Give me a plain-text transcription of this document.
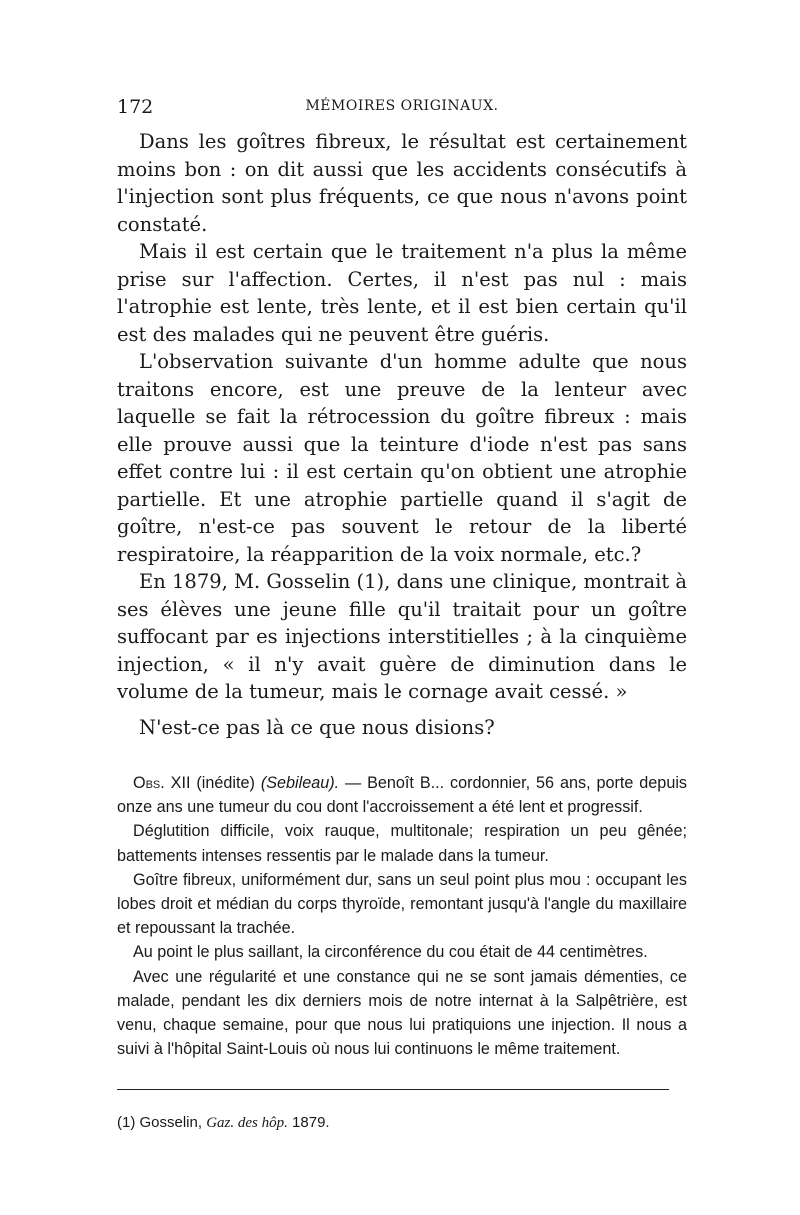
172	MÉMOIRES ORIGINAUX.

Dans les goîtres fibreux, le résultat est certainement moins bon : on dit aussi que les accidents consécutifs à l'injection sont plus fréquents, ce que nous n'avons point constaté.

Mais il est certain que le traitement n'a plus la même prise sur l'affection. Certes, il n'est pas nul : mais l'atrophie est lente, très lente, et il est bien certain qu'il est des malades qui ne peuvent être guéris.

L'observation suivante d'un homme adulte que nous traitons encore, est une preuve de la lenteur avec laquelle se fait la rétrocession du goître fibreux : mais elle prouve aussi que la teinture d'iode n'est pas sans effet contre lui : il est certain qu'on obtient une atrophie partielle. Et une atrophie partielle quand il s'agit de goître, n'est-ce pas souvent le retour de la liberté respiratoire, la réapparition de la voix normale, etc.?

En 1879, M. Gosselin (1), dans une clinique, montrait à ses élèves une jeune fille qu'il traitait pour un goître suffocant par es injections interstitielles ; à la cinquième injection, « il n'y avait guère de diminution dans le volume de la tumeur, mais le cornage avait cessé. »

N'est-ce pas là ce que nous disions?

Obs. XII (inédite) (Sebileau). — Benoît B... cordonnier, 56 ans, porte depuis onze ans une tumeur du cou dont l'accroissement a été lent et progressif.

Déglutition difficile, voix rauque, multitonale; respiration un peu gênée; battements intenses ressentis par le malade dans la tumeur.

Goître fibreux, uniformément dur, sans un seul point plus mou : occupant les lobes droit et médian du corps thyroïde, remontant jusqu'à l'angle du maxillaire et repoussant la trachée.

Au point le plus saillant, la circonférence du cou était de 44 centimètres.

Avec une régularité et une constance qui ne se sont jamais démenties, ce malade, pendant les dix derniers mois de notre internat à la Salpêtrière, est venu, chaque semaine, pour que nous lui pratiquions une injection. Il nous a suivi à l'hôpital Saint-Louis où nous lui continuons le même traitement.

(1) Gosselin, Gaz. des hôp. 1879.
